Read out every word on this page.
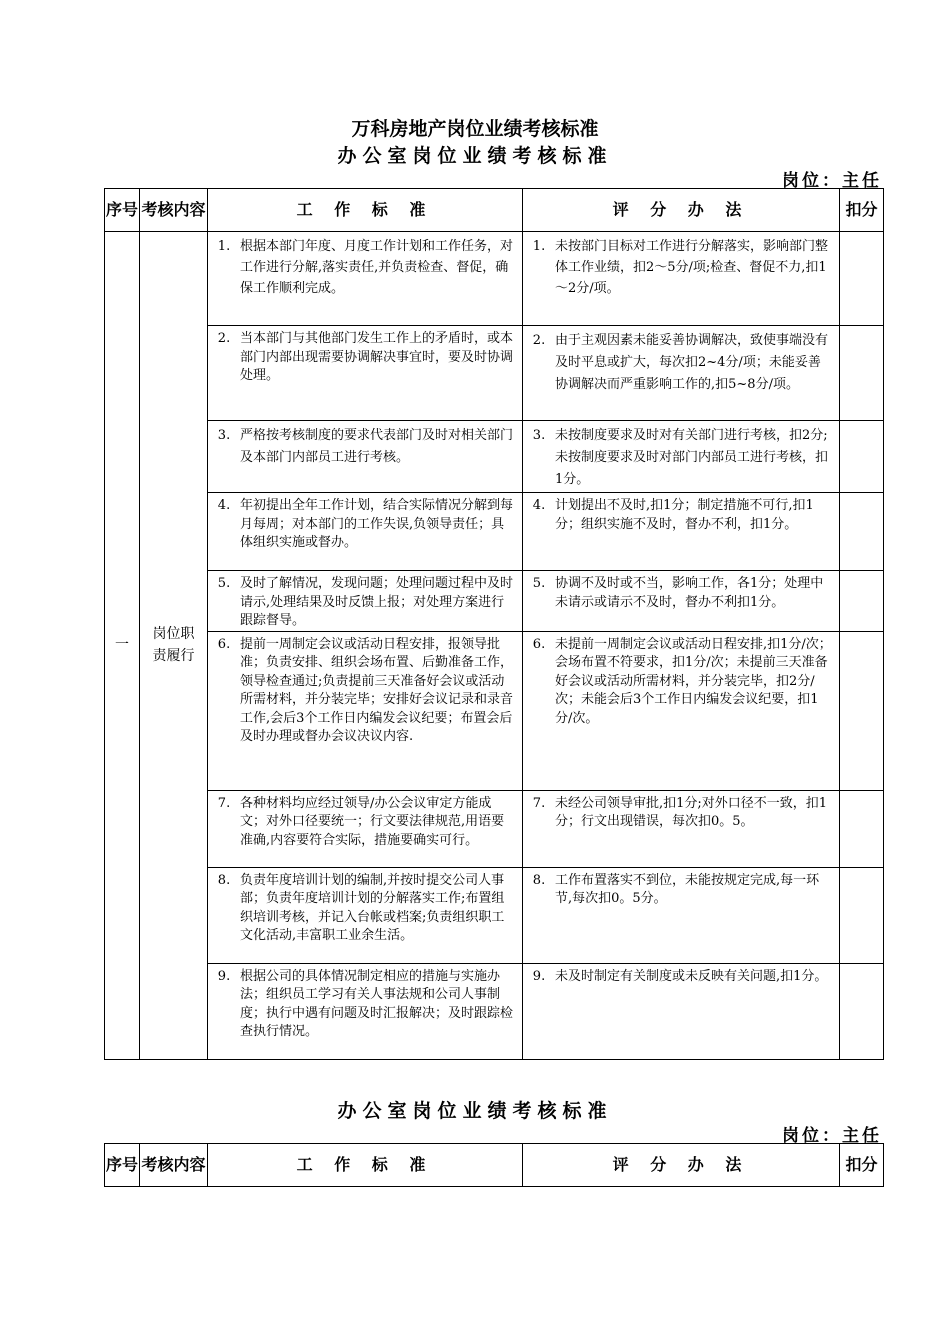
万科房地产岗位业绩考核标准
办公室岗位业绩考核标准
岗位：主任
序号	考核内容	工 作 标 准	评 分 办 法	扣分
一	岗位职责履行	1. 根据本部门年度、月度工作计划和工作任务，对工作进行分解,落实责任,并负责检查、督促，确保工作顺利完成。	1. 未按部门目标对工作进行分解落实，影响部门整体工作业绩，扣2～5分/项;检查、督促不力,扣1～2分/项。	

		2. 当本部门与其他部门发生工作上的矛盾时，或本部门内部出现需要协调解决事宜时，要及时协调处理。	2. 由于主观因素未能妥善协调解决，致使事端没有及时平息或扩大，每次扣2~4分/项；未能妥善协调解决而严重影响工作的,扣5~8分/项。	

		3. 严格按考核制度的要求代表部门及时对相关部门及本部门内部员工进行考核。	3. 未按制度要求及时对有关部门进行考核，扣2分;未按制度要求及时对部门内部员工进行考核，扣1分。	

		4. 年初提出全年工作计划，结合实际情况分解到每月每周；对本部门的工作失误,负领导责任；具体组织实施或督办。	4. 计划提出不及时,扣1分；制定措施不可行,扣1分；组织实施不及时，督办不利，扣1分。	

		5. 及时了解情况，发现问题；处理问题过程中及时请示,处理结果及时反馈上报；对处理方案进行跟踪督导。	5. 协调不及时或不当，影响工作，各1分；处理中未请示或请示不及时，督办不利扣1分。	

		6. 提前一周制定会议或活动日程安排，报领导批准；负责安排、组织会场布置、后勤准备工作，领导检查通过;负责提前三天准备好会议或活动所需材料，并分装完毕；安排好会议记录和录音工作,会后3个工作日内编发会议纪要；布置会后及时办理或督办会议决议内容.	6. 未提前一周制定会议或活动日程安排,扣1分/次；会场布置不符要求，扣1分/次；未提前三天准备好会议或活动所需材料，并分装完毕，扣2分/次；未能会后3个工作日内编发会议纪要，扣1分/次。	

		7. 各种材料均应经过领导/办公会议审定方能成文；对外口径要统一；行文要法律规范,用语要准确,内容要符合实际，措施要确实可行。	7. 未经公司领导审批,扣1分;对外口径不一致，扣1分；行文出现错误，每次扣0。5。	

		8. 负责年度培训计划的编制,并按时提交公司人事部；负责年度培训计划的分解落实工作;布置组织培训考核，并记入台帐或档案;负责组织职工文化活动,丰富职工业余生活。	8. 工作布置落实不到位，未能按规定完成,每一环节,每次扣0。5分。	

		9. 根据公司的具体情况制定相应的措施与实施办法；组织员工学习有关人事法规和公司人事制度；执行中遇有问题及时汇报解决；及时跟踪检查执行情况。	9. 未及时制定有关制度或未反映有关问题,扣1分。	

办公室岗位业绩考核标准
岗位：主任
序号	考核内容	工 作 标 准	评 分 办 法	扣分
